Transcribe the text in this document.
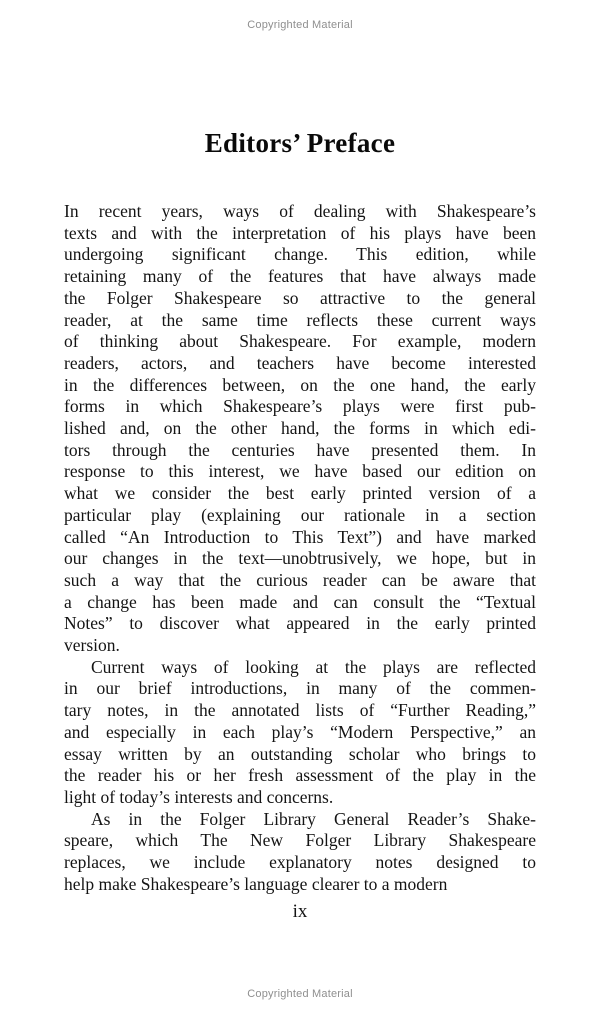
Copyrighted Material
Editors’ Preface
In recent years, ways of dealing with Shakespeare’s
texts and with the interpretation of his plays have been
undergoing significant change. This edition, while
retaining many of the features that have always made
the Folger Shakespeare so attractive to the general
reader, at the same time reflects these current ways
of thinking about Shakespeare. For example, modern
readers, actors, and teachers have become interested
in the differences between, on the one hand, the early
forms in which Shakespeare’s plays were first pub-
lished and, on the other hand, the forms in which edi-
tors through the centuries have presented them. In
response to this interest, we have based our edition on
what we consider the best early printed version of a
particular play (explaining our rationale in a section
called “An Introduction to This Text”) and have marked
our changes in the text—unobtrusively, we hope, but in
such a way that the curious reader can be aware that
a change has been made and can consult the “Textual
Notes” to discover what appeared in the early printed
version.
Current ways of looking at the plays are reflected
in our brief introductions, in many of the commen-
tary notes, in the annotated lists of “Further Reading,”
and especially in each play’s “Modern Perspective,” an
essay written by an outstanding scholar who brings to
the reader his or her fresh assessment of the play in the
light of today’s interests and concerns.
As in the Folger Library General Reader’s Shake-
speare, which The New Folger Library Shakespeare
replaces, we include explanatory notes designed to
help make Shakespeare’s language clearer to a modern
ix
Copyrighted Material
